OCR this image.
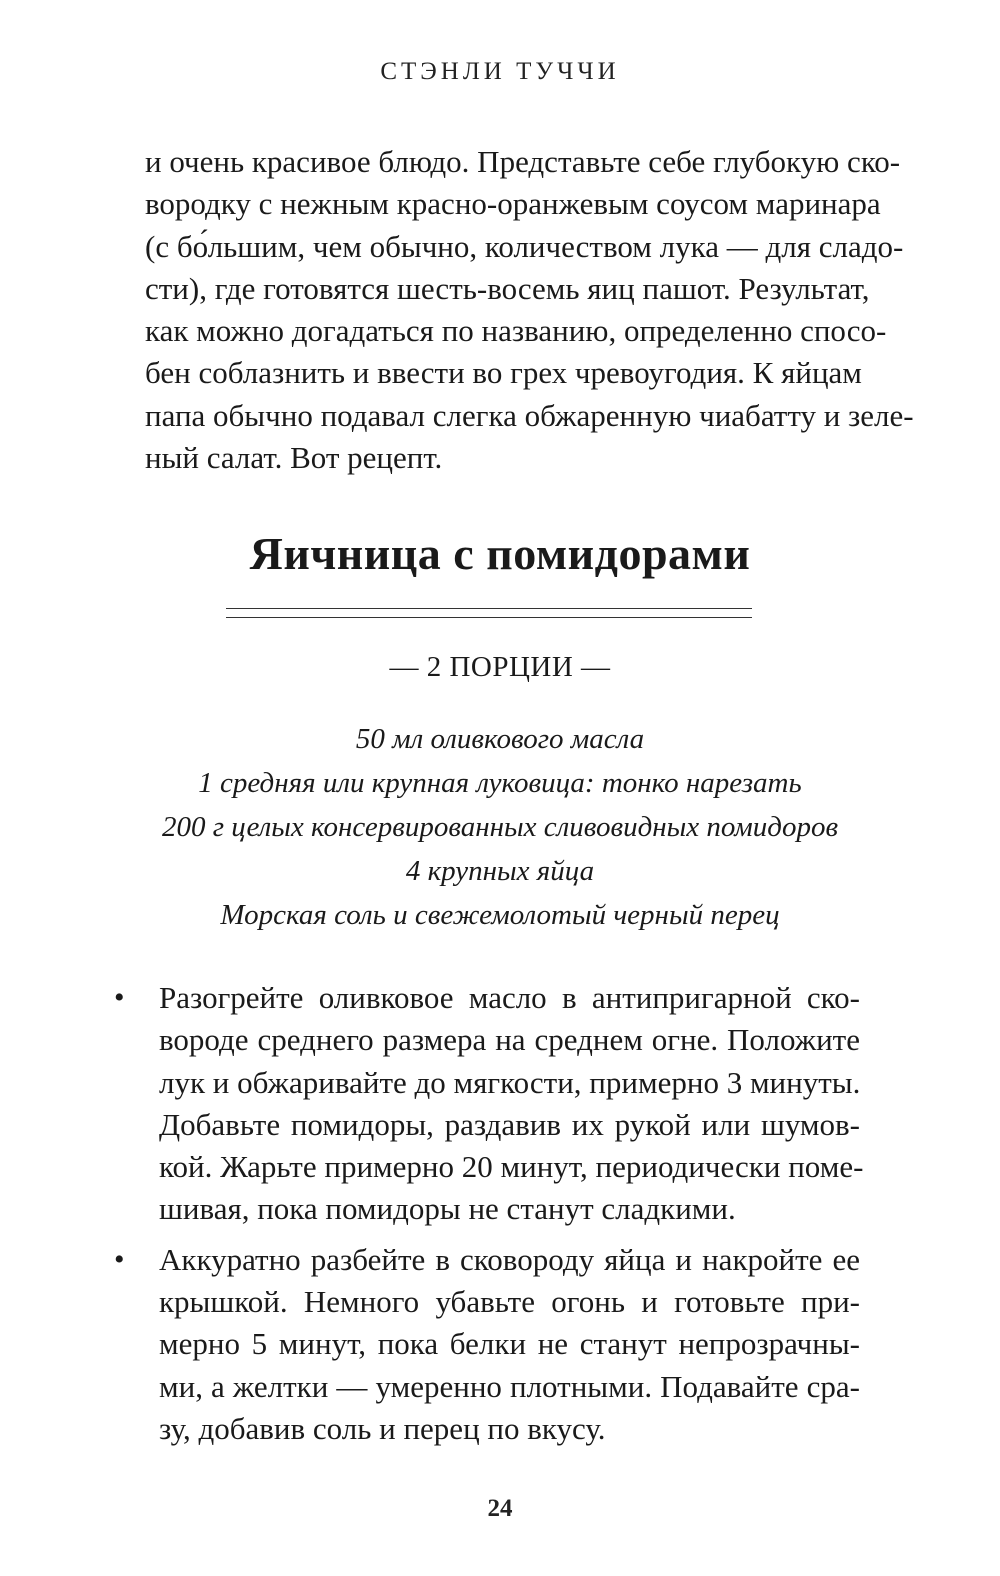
СТЭНЛИ ТУЧЧИ
и очень красивое блюдо. Представьте себе глубокую ско-
вородку с нежным красно-оранжевым соусом маринара
(с бо́льшим, чем обычно, количеством лука — для сладо-
сти), где готовятся шесть-восемь яиц пашот. Результат,
как можно догадаться по названию, определенно спосо-
бен соблазнить и ввести во грех чревоугодия. К яйцам
папа обычно подавал слегка обжаренную чиабатту и зеле-
ный салат. Вот рецепт.
Яичница с помидорами
— 2 ПОРЦИИ —
50 мл оливкового масла
1 средняя или крупная луковица: тонко нарезать
200 г целых консервированных сливовидных помидоров
4 крупных яйца
Морская соль и свежемолотый черный перец
• Разогрейте оливковое масло в антипригарной ско-
вороде среднего размера на среднем огне. Положите
лук и обжаривайте до мягкости, примерно 3 минуты.
Добавьте помидоры, раздавив их рукой или шумов-
кой. Жарьте примерно 20 минут, периодически поме-
шивая, пока помидоры не станут сладкими.
• Аккуратно разбейте в сковороду яйца и накройте ее
крышкой. Немного убавьте огонь и готовьте при-
мерно 5 минут, пока белки не станут непрозрачны-
ми, а желтки — умеренно плотными. Подавайте сра-
зу, добавив соль и перец по вкусу.
24
